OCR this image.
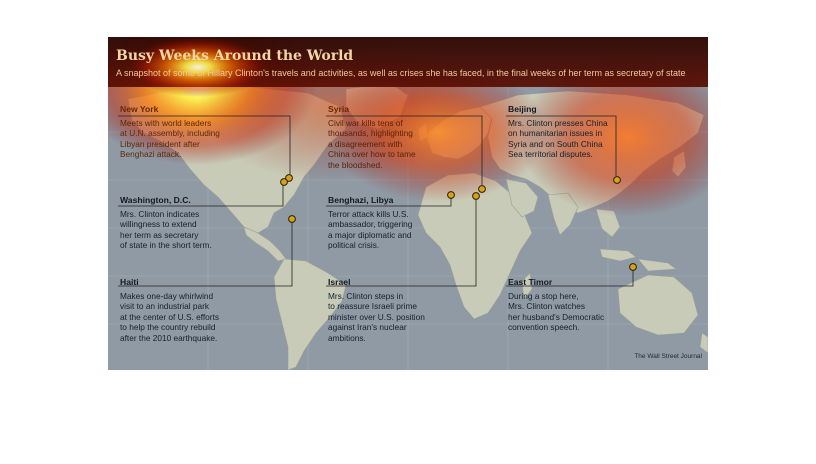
Busy Weeks Around the World

A snapshot of some of Hillary Clinton's travels and activities, as well as crises she has faced, in the final weeks of her term as secretary of state

New York

Meets with world leaders

at U.N. assembly, including

Libyan president after

Benghazi attack.

Syria

Civil war kills tens of

thousands, highlighting

a disagreement with

China over how to tame

the bloodshed.

Beijing

Mrs. Clinton presses China

on humanitarian issues in

Syria and on South China

Sea territorial disputes.

Washington, D.C.

Mrs. Clinton indicates

willingness to extend

her term as secretary

of state in the short term.

Benghazi, Libya

Terror attack kills U.S.

ambassador, triggering

a major diplomatic and

political crisis.

Haiti

Makes one-day whirlwind

visit to an industrial park

at the center of U.S. efforts

to help the country rebuild

after the 2010 earthquake.

Israel

Mrs. Clinton steps in

to reassure Israeli prime

minister over U.S. position

against Iran's nuclear

ambitions.

East Timor

During a stop here,

Mrs. Clinton watches

her husband's Democratic

convention speech.

The Wall Street Journal
